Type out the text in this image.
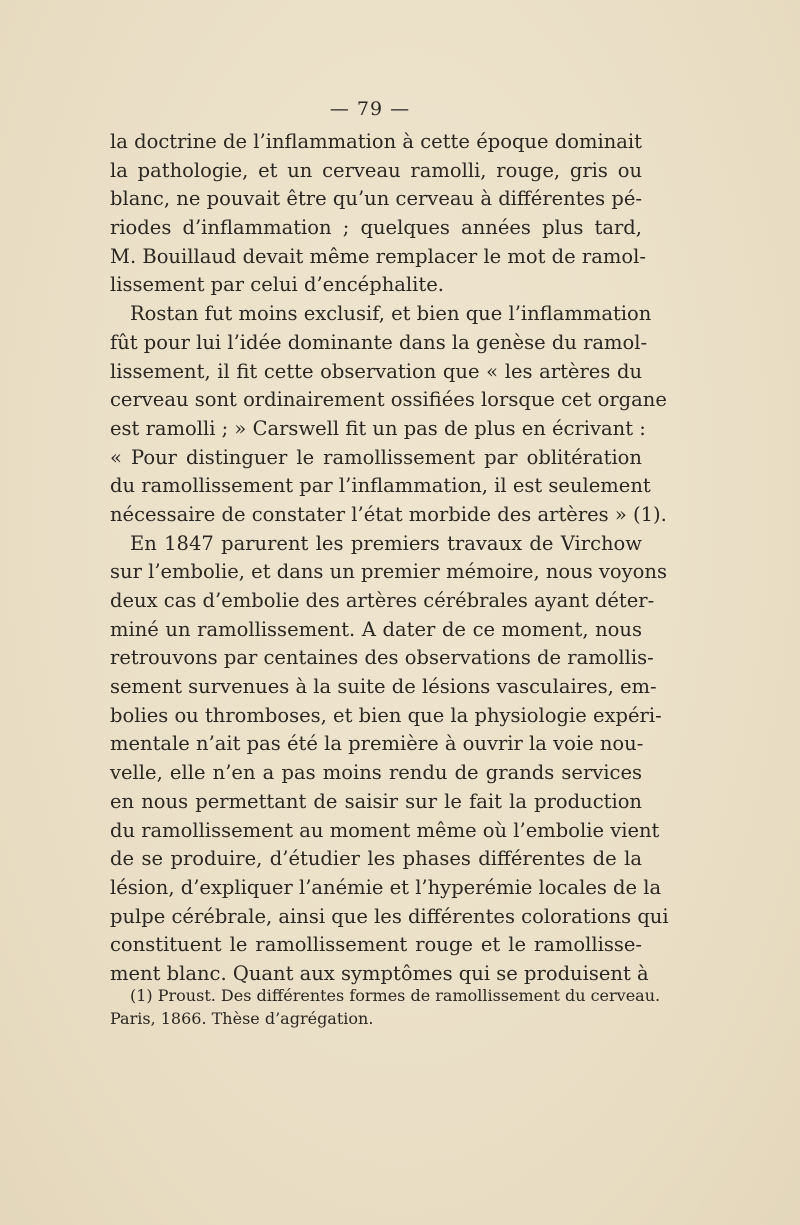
— 79 —
la doctrine de l’inflammation à cette époque dominait
la pathologie, et un cerveau ramolli, rouge, gris ou
blanc, ne pouvait être qu’un cerveau à différentes pé-
riodes d’inflammation ; quelques années plus tard,
M. Bouillaud devait même remplacer le mot de ramol-
lissement par celui d’encéphalite.
Rostan fut moins exclusif, et bien que l’inflammation
fût pour lui l’idée dominante dans la genèse du ramol-
lissement, il fit cette observation que « les artères du
cerveau sont ordinairement ossifiées lorsque cet organe
est ramolli ; » Carswell fit un pas de plus en écrivant :
« Pour distinguer le ramollissement par oblitération
du ramollissement par l’inflammation, il est seulement
nécessaire de constater l’état morbide des artères » (1).
En 1847 parurent les premiers travaux de Virchow
sur l’embolie, et dans un premier mémoire, nous voyons
deux cas d’embolie des artères cérébrales ayant déter-
miné un ramollissement. A dater de ce moment, nous
retrouvons par centaines des observations de ramollis-
sement survenues à la suite de lésions vasculaires, em-
bolies ou thromboses, et bien que la physiologie expéri-
mentale n’ait pas été la première à ouvrir la voie nou-
velle, elle n’en a pas moins rendu de grands services
en nous permettant de saisir sur le fait la production
du ramollissement au moment même où l’embolie vient
de se produire, d’étudier les phases différentes de la
lésion, d’expliquer l’anémie et l’hyperémie locales de la
pulpe cérébrale, ainsi que les différentes colorations qui
constituent le ramollissement rouge et le ramollisse-
ment blanc. Quant aux symptômes qui se produisent à
(1) Proust. Des différentes formes de ramollissement du cerveau.
Paris, 1866. Thèse d’agrégation.
